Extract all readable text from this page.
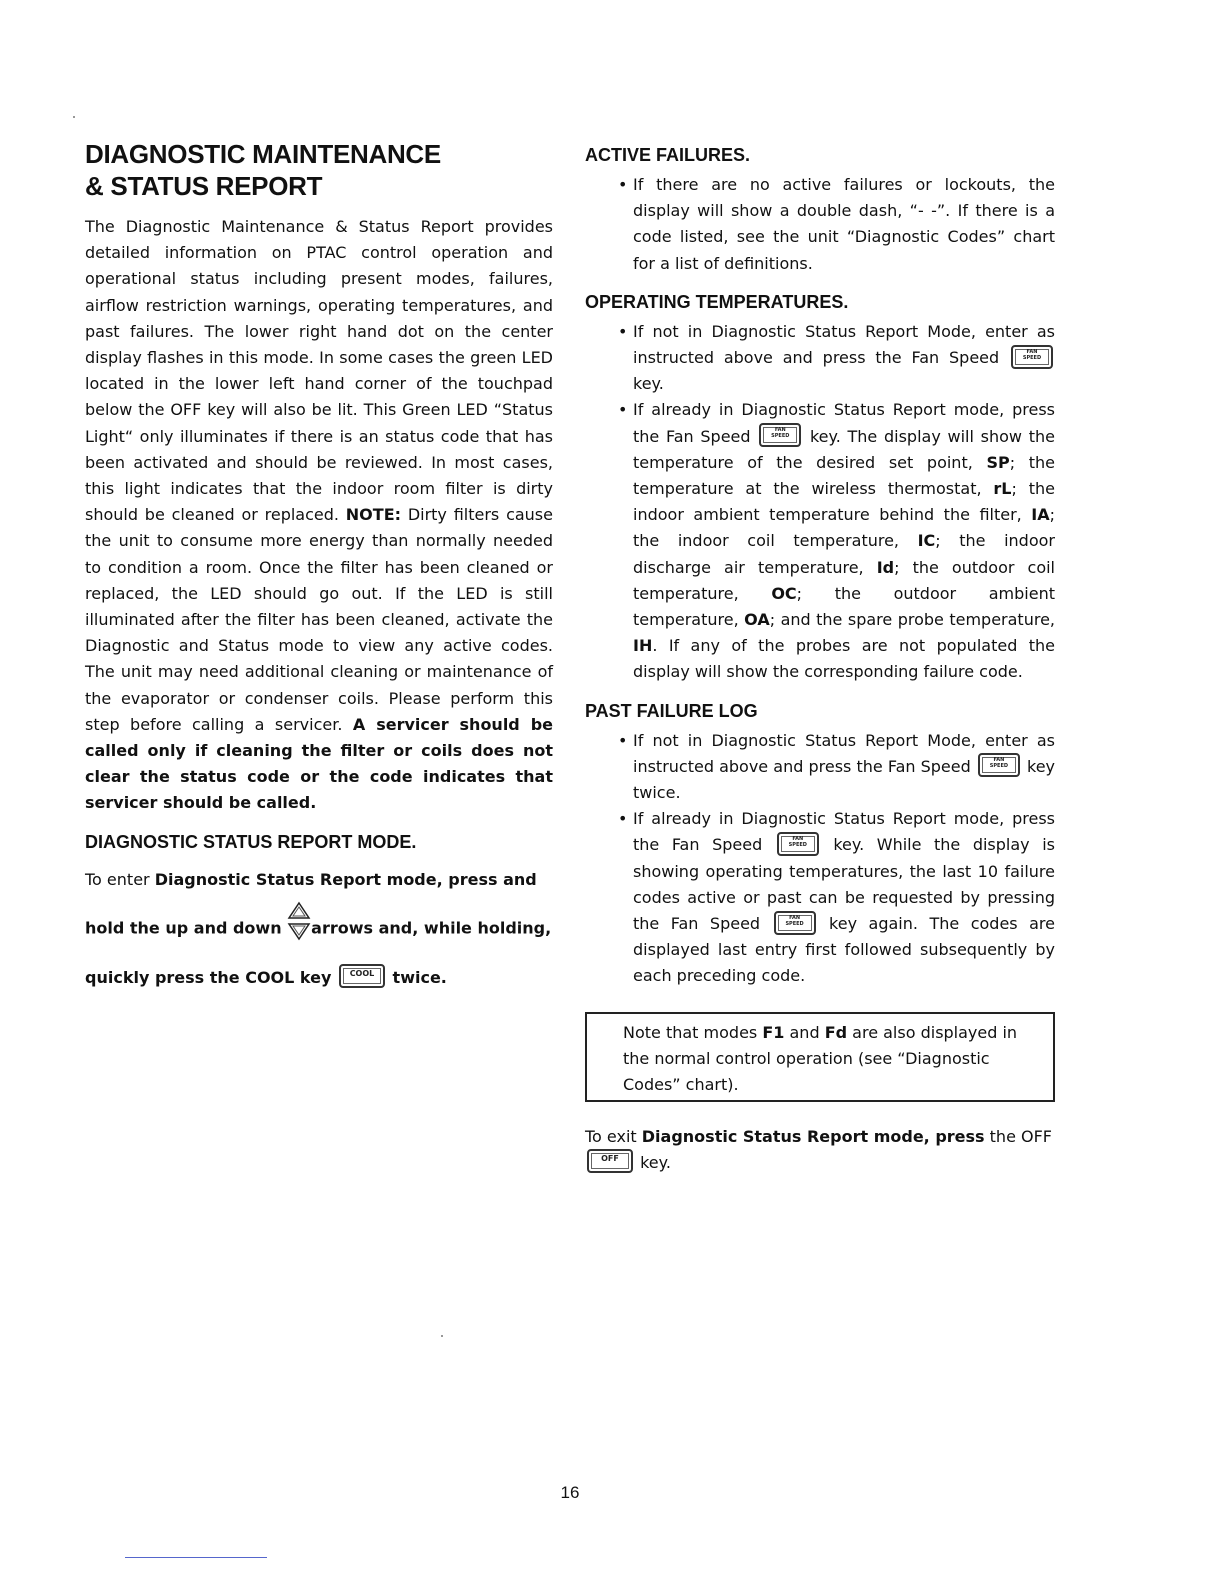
DIAGNOSTIC MAINTENANCE
& STATUS REPORT

The Diagnostic Maintenance & Status Report provides detailed information on PTAC control operation and operational status including present modes, failures, airflow restriction warnings, operating temperatures, and past failures. The lower right hand dot on the center display flashes in this mode. In some cases the green LED located in the lower left hand corner of the touchpad below the OFF key will also be lit. This Green LED “Status Light“ only illuminates if there is an status code that has been activated and should be reviewed. In most cases, this light indicates that the indoor room filter is dirty should be cleaned or replaced. NOTE: Dirty filters cause the unit to consume more energy than normally needed to condition a room. Once the filter has been cleaned or replaced, the LED should go out. If the LED is still illuminated after the filter has been cleaned, activate the Diagnostic and Status mode to view any active codes. The unit may need additional cleaning or maintenance of the evaporator or condenser coils. Please perform this step before calling a servicer. A servicer should be called only if cleaning the filter or coils does not clear the status code or the code indicates that servicer should be called.

DIAGNOSTIC STATUS REPORT MODE.

To enter Diagnostic Status Report mode, press and hold the up and down arrows and, while holding, quickly press the COOL key COOL twice.

ACTIVE FAILURES.
• If there are no active failures or lockouts, the display will show a double dash, “- -”. If there is a code listed, see the unit “Diagnostic Codes” chart for a list of definitions.
OPERATING TEMPERATURES.
• If not in Diagnostic Status Report Mode, enter as instructed above and press the Fan Speed	FAN SPEED key.
• If already in Diagnostic Status Report mode, press the Fan Speed	FAN SPEED key. The display will show the temperature of the desired set point, SP; the temperature at the wireless thermostat, rL; the indoor ambient temperature behind the filter, IA; the indoor coil temperature, IC; the indoor discharge air temperature, Id; the outdoor coil temperature, OC; the outdoor ambient temperature, OA; and the spare probe temperature, IH. If any of the probes are not populated the display will show the corresponding failure code.
PAST FAILURE LOG
• If not in Diagnostic Status Report Mode, enter as instructed above and press the Fan Speed	FAN SPEED key twice.
• If already in Diagnostic Status Report mode, press the Fan Speed	FAN SPEED key. While the display is showing operating temperatures, the last 10 failure codes active or past can be requested by pressing the Fan Speed	FAN SPEED key again. The codes are displayed last entry first followed subsequently by each preceding code.
Note that modes F1 and Fd are also displayed in the normal control operation (see “Diagnostic Codes” chart).

To exit Diagnostic Status Report mode, press the OFF OFF key.

16
